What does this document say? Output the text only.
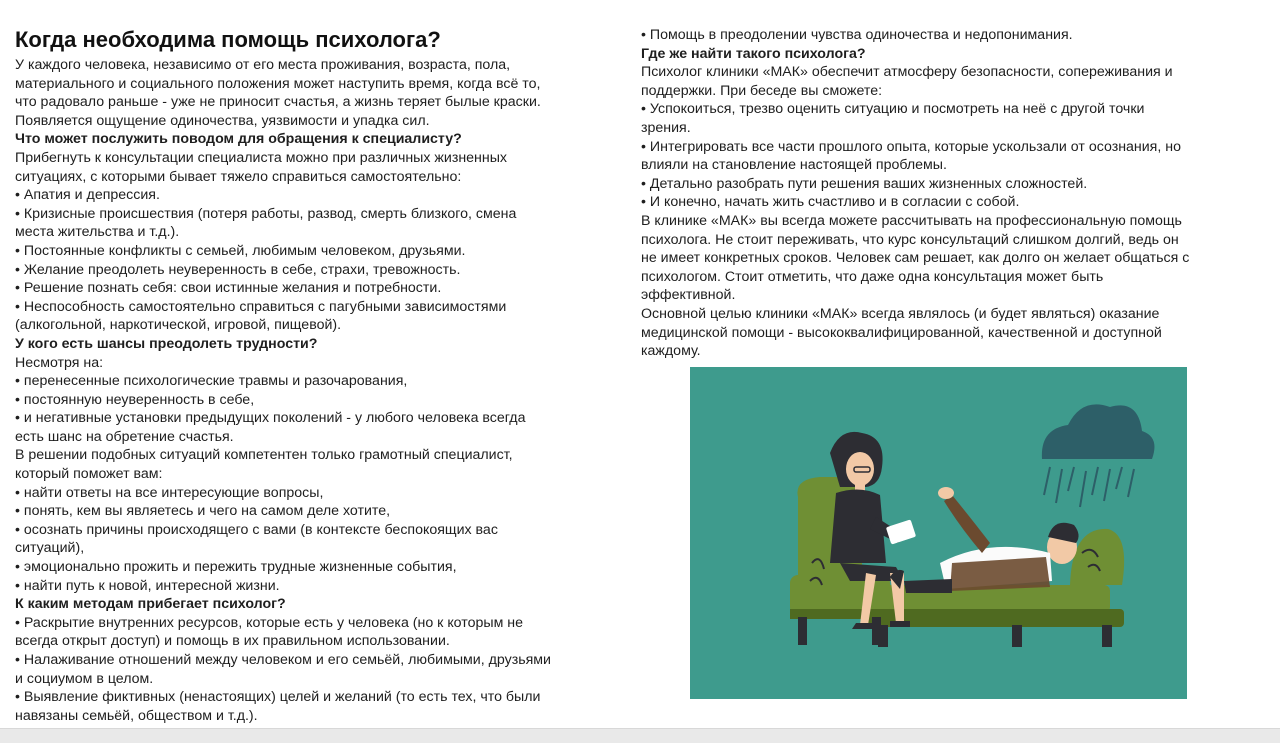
Когда необходима помощь психолога?

У каждого человека, независимо от его места проживания, возраста, пола,

материального и социального положения может наступить время, когда всё то,

что радовало раньше - уже не приносит счастья, а жизнь теряет былые краски.

Появляется ощущение одиночества, уязвимости и упадка сил.

Что может послужить поводом для обращения к специалисту?

Прибегнуть к консультации специалиста можно при различных жизненных

ситуациях, с которыми бывает тяжело справиться самостоятельно:

• Апатия и депрессия.

• Кризисные происшествия (потеря работы, развод, смерть близкого, смена

места жительства и т.д.).

• Постоянные конфликты с семьей, любимым человеком, друзьями.

• Желание преодолеть неуверенность в себе, страхи, тревожность.

• Решение познать себя: свои истинные желания и потребности.

• Неспособность самостоятельно справиться с пагубными зависимостями

(алкогольной, наркотической, игровой, пищевой).

У кого есть шансы преодолеть трудности?

Несмотря на:

• перенесенные психологические травмы и разочарования,

• постоянную неуверенность в себе,

• и негативные установки предыдущих поколений - у любого человека всегда

есть шанс на обретение счастья.

В решении подобных ситуаций компетентен только грамотный специалист,

который поможет вам:

• найти ответы на все интересующие вопросы,

• понять, кем вы являетесь и чего на самом деле хотите,

• осознать причины происходящего с вами (в контексте беспокоящих вас

ситуаций),

• эмоционально прожить и пережить трудные жизненные события,

• найти путь к новой, интересной жизни.

К каким методам прибегает психолог?

• Раскрытие внутренних ресурсов, которые есть у человека (но к которым не

всегда открыт доступ) и помощь в их правильном использовании.

• Налаживание отношений между человеком и его семьёй, любимыми, друзьями

и социумом в целом.

• Выявление фиктивных (ненастоящих) целей и желаний (то есть тех, что были

навязаны семьёй, обществом и т.д.).

• Помощь в преодолении чувства одиночества и недопонимания.

Где же найти такого психолога?

Психолог клиники «МАК» обеспечит атмосферу безопасности, сопереживания и

поддержки. При беседе вы сможете:

• Успокоиться, трезво оценить ситуацию и посмотреть на неё с другой точки

зрения.

• Интегрировать все части прошлого опыта, которые ускользали от осознания, но

влияли на становление настоящей проблемы.

• Детально разобрать пути решения ваших жизненных сложностей.

• И конечно, начать жить счастливо и в согласии с собой.

В клинике «МАК» вы всегда можете рассчитывать на профессиональную помощь

психолога. Не стоит переживать, что курс консультаций слишком долгий, ведь он

не имеет конкретных сроков. Человек сам решает, как долго он желает общаться с

психологом. Стоит отметить, что даже одна консультация может быть

эффективной.

Основной целью клиники «МАК» всегда являлось (и будет являться) оказание

медицинской помощи - высококвалифицированной, качественной и доступной

каждому.
